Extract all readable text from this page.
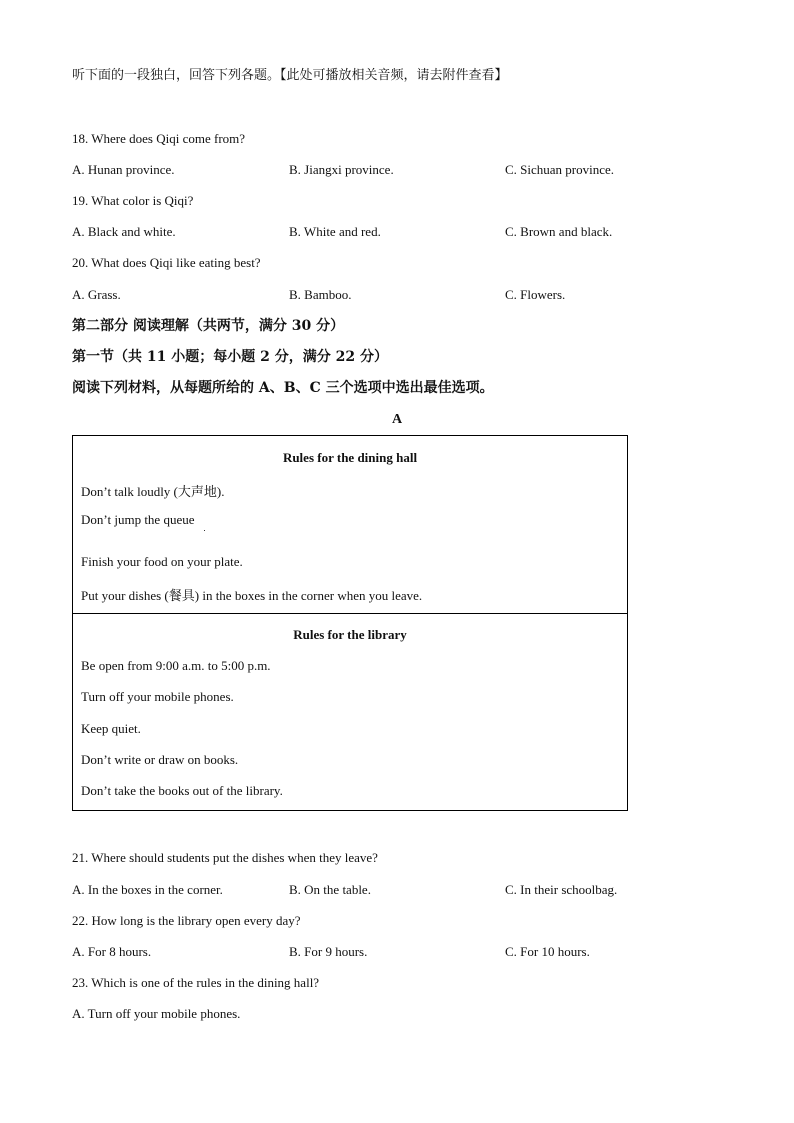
听下面的一段独白，回答下列各题。【此处可播放相关音频，请去附件查看】
18. Where does Qiqi come from?
A. Hunan province.	B. Jiangxi province.	C. Sichuan province.
19. What color is Qiqi?
A. Black and white.	B. White and red.	C. Brown and black.
20. What does Qiqi like eating best?
A. Grass.	B. Bamboo.	C. Flowers.
第二部分 阅读理解（共两节，满分 30 分）
第一节（共 11 小题；每小题 2 分，满分 22 分）
阅读下列材料，从每题所给的 A、B、C 三个选项中选出最佳选项。
A
Rules for the dining hall
Don’t talk loudly (大声地).
Don’t jump the queue
Finish your food on your plate.
Put your dishes (餐具) in the boxes in the corner when you leave.
Rules for the library
Be open from 9:00 a.m. to 5:00 p.m.
Turn off your mobile phones.
Keep quiet.
Don’t write or draw on books.
Don’t take the books out of the library.
21. Where should students put the dishes when they leave?
A. In the boxes in the corner.	B. On the table.	C. In their schoolbag.
22. How long is the library open every day?
A. For 8 hours.	B. For 9 hours.	C. For 10 hours.
23. Which is one of the rules in the dining hall?
A. Turn off your mobile phones.
